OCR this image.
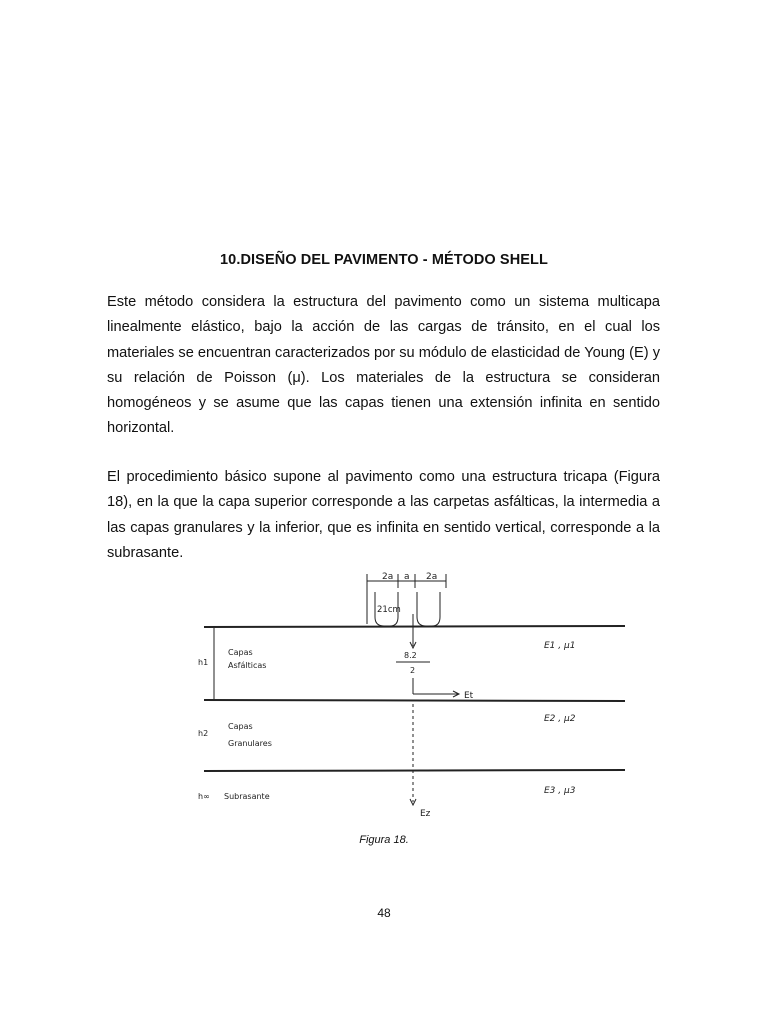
10.DISEÑO DEL PAVIMENTO - MÉTODO SHELL

Este método considera la estructura del pavimento como un sistema multicapa linealmente elástico, bajo la acción de las cargas de tránsito, en el cual los materiales se encuentran caracterizados por su módulo de elasticidad de Young (E) y su relación de Poisson (μ). Los materiales de la estructura se consideran homogéneos y se asume que las capas tienen una extensión infinita en sentido horizontal.

El procedimiento básico supone al pavimento como una estructura tricapa (Figura 18), en la que la capa superior corresponde a las carpetas asfálticas, la intermedia a las capas granulares y la inferior, que es infinita en sentido vertical, corresponde a la subrasante.

2a a 2a
21cm
8.2
2
Et
Ez
h1
Capas
Asfálticas
E1 , μ1
h2
Capas
Granulares
E2 , μ2
h∞ Subrasante
E3 , μ3
Figura 18.
48
